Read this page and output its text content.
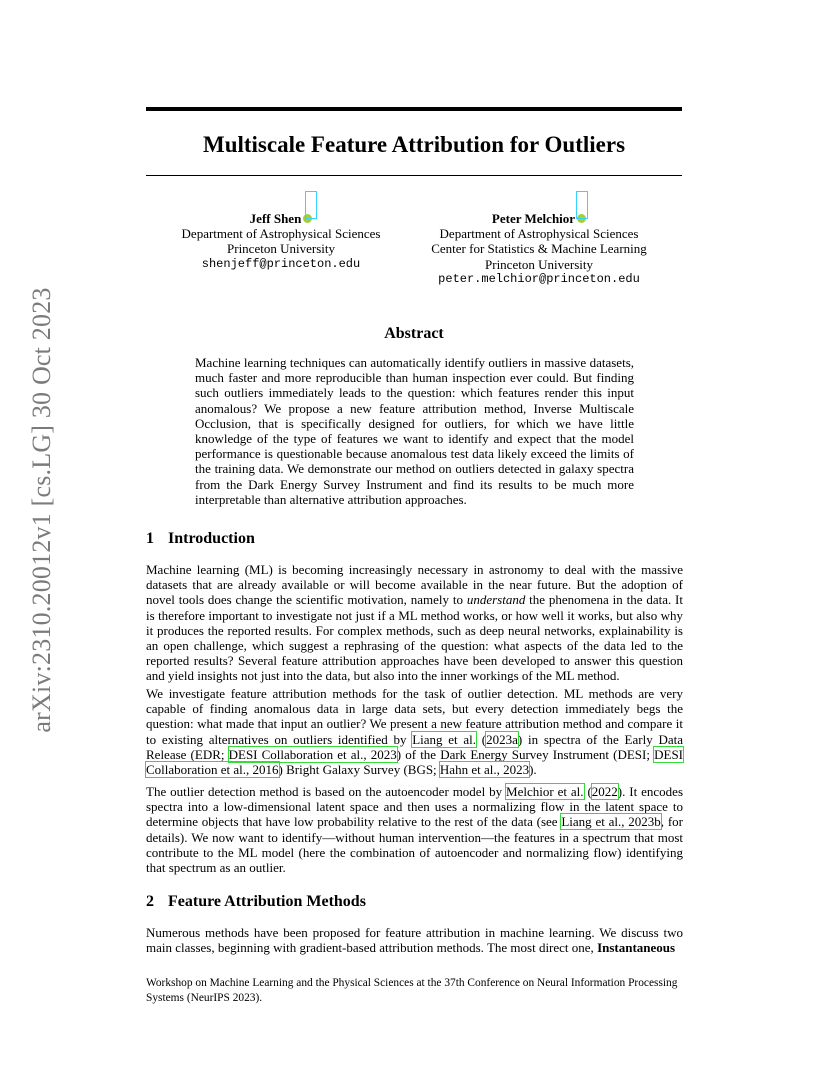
arXiv:2310.20012v1 [cs.LG] 30 Oct 2023
Multiscale Feature Attribution for Outliers
Jeff Shen
Department of Astrophysical Sciences
Princeton University
shenjeff@princeton.edu
Peter Melchior
Department of Astrophysical Sciences
Center for Statistics & Machine Learning
Princeton University
peter.melchior@princeton.edu
Abstract
Machine learning techniques can automatically identify outliers in massive datasets, much faster and more reproducible than human inspection ever could. But finding such outliers immediately leads to the question: which features render this input anomalous? We propose a new feature attribution method, Inverse Multiscale Occlusion, that is specifically designed for outliers, for which we have little knowledge of the type of features we want to identify and expect that the model performance is questionable because anomalous test data likely exceed the limits of the training data. We demonstrate our method on outliers detected in galaxy spectra from the Dark Energy Survey Instrument and find its results to be much more interpretable than alternative attribution approaches.
1 Introduction

Machine learning (ML) is becoming increasingly necessary in astronomy to deal with the massive datasets that are already available or will become available in the near future. But the adoption of novel tools does change the scientific motivation, namely to understand the phenomena in the data. It is therefore important to investigate not just if a ML method works, or how well it works, but also why it produces the reported results. For complex methods, such as deep neural networks, explainability is an open challenge, which suggest a rephrasing of the question: what aspects of the data led to the reported results? Several feature attribution approaches have been developed to answer this question and yield insights not just into the data, but also into the inner workings of the ML method.

We investigate feature attribution methods for the task of outlier detection. ML methods are very capable of finding anomalous data in large data sets, but every detection immediately begs the question: what made that input an outlier? We present a new feature attribution method and compare it to existing alternatives on outliers identified by Liang et al. (2023a) in spectra of the Early Data Release (EDR; DESI Collaboration et al., 2023) of the Dark Energy Survey Instrument (DESI; DESI Collaboration et al., 2016) Bright Galaxy Survey (BGS; Hahn et al., 2023).

The outlier detection method is based on the autoencoder model by Melchior et al. (2022). It encodes spectra into a low-dimensional latent space and then uses a normalizing flow in the latent space to determine objects that have low probability relative to the rest of the data (see Liang et al., 2023b, for details). We now want to identify—without human intervention—the features in a spectrum that most contribute to the ML model (here the combination of autoencoder and normalizing flow) identifying that spectrum as an outlier.

2 Feature Attribution Methods

Numerous methods have been proposed for feature attribution in machine learning. We discuss two main classes, beginning with gradient-based attribution methods. The most direct one, Instantaneous

Workshop on Machine Learning and the Physical Sciences at the 37th Conference on Neural Information Processing Systems (NeurIPS 2023).
